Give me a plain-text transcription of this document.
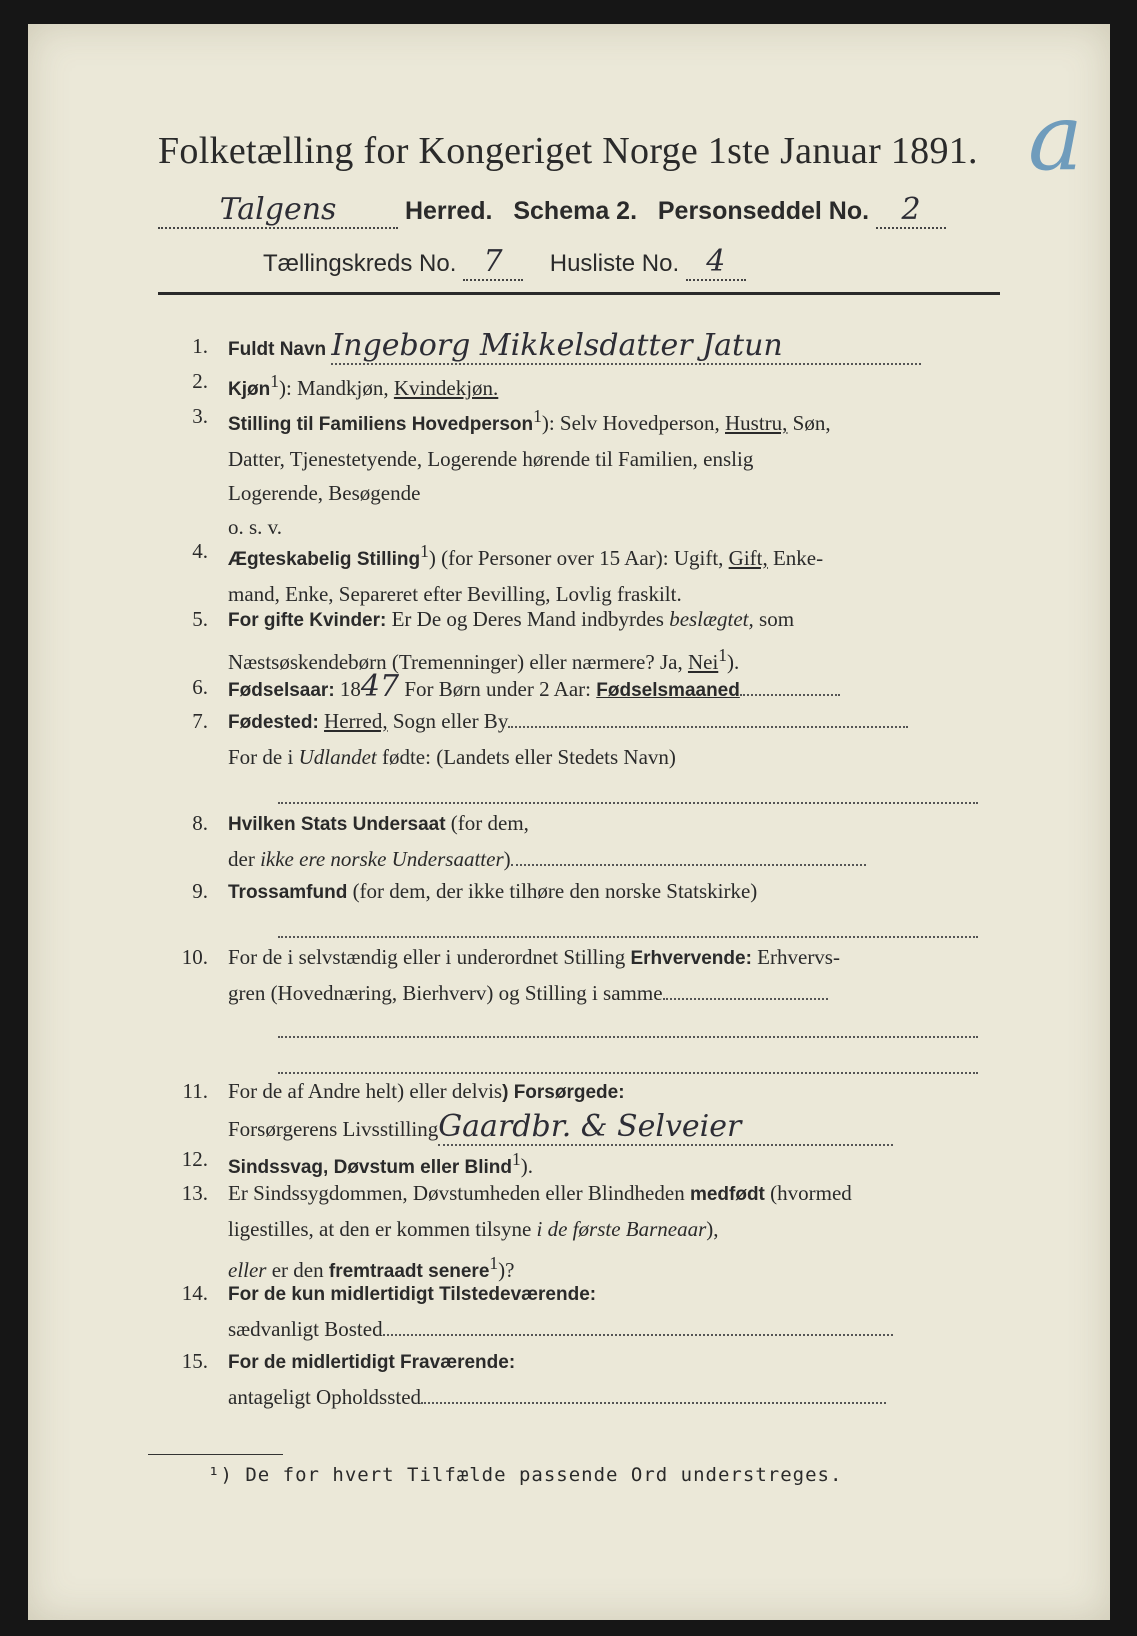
a
Folketælling for Kongeriget Norge 1ste Januar 1891.
Talgens	Herred. Schema 2. Personseddel No. 2
Tællingskreds No. 7 Husliste No. 4
1. Fuldt Navn Ingeborg Mikkelsdatter Jatun

2. Kjøn$^1$): Mandkjøn, Kvindekjøn.

3. Stilling til Familiens Hovedperson$^1$): Selv Hovedperson, Hustru, Søn,

Datter, Tjenestetyende, Logerende hørende til Familien, enslig

Logerende, Besøgende

o. s. v.

4. Ægteskabelig Stilling$^1$) (for Personer over 15 Aar): Ugift, Gift, Enke-

mand, Enke, Separeret efter Bevilling, Lovlig fraskilt.

5. For gifte Kvinder: Er De og Deres Mand indbyrdes beslægtet, som

Næstsøskendebørn (Tremenninger) eller nærmere? Ja, Nei$^1$).

6. Fødselsaar: 1847 For Børn under 2 Aar: Fødselsmaaned

7. Fødested: Herred, Sogn eller By

For de i Udlandet fødte: (Landets eller Stedets Navn)

8. Hvilken Stats Undersaat (for dem,

der ikke ere norske Undersaatter)

9. Trossamfund (for dem, der ikke tilhøre den norske Statskirke)

10. For de i selvstændig eller i underordnet Stilling Erhvervende: Erhvervs-

gren (Hovednæring, Bierhverv) og Stilling i samme

11. For de af Andre helt) eller delvis) Forsørgede:

Forsørgerens LivsstillingGaardbr. & Selveier

12. Sindssvag, Døvstum eller Blind$^1$).

13. Er Sindssygdommen, Døvstumheden eller Blindheden medfødt (hvormed

ligestilles, at den er kommen tilsyne i de første Barneaar),

eller er den fremtraadt senere$^1$)?

14. For de kun midlertidigt Tilstedeværende:

sædvanligt Bosted

15. For de midlertidigt Fraværende:

antageligt Opholdssted

¹) De for hvert Tilfælde passende Ord understreges.
